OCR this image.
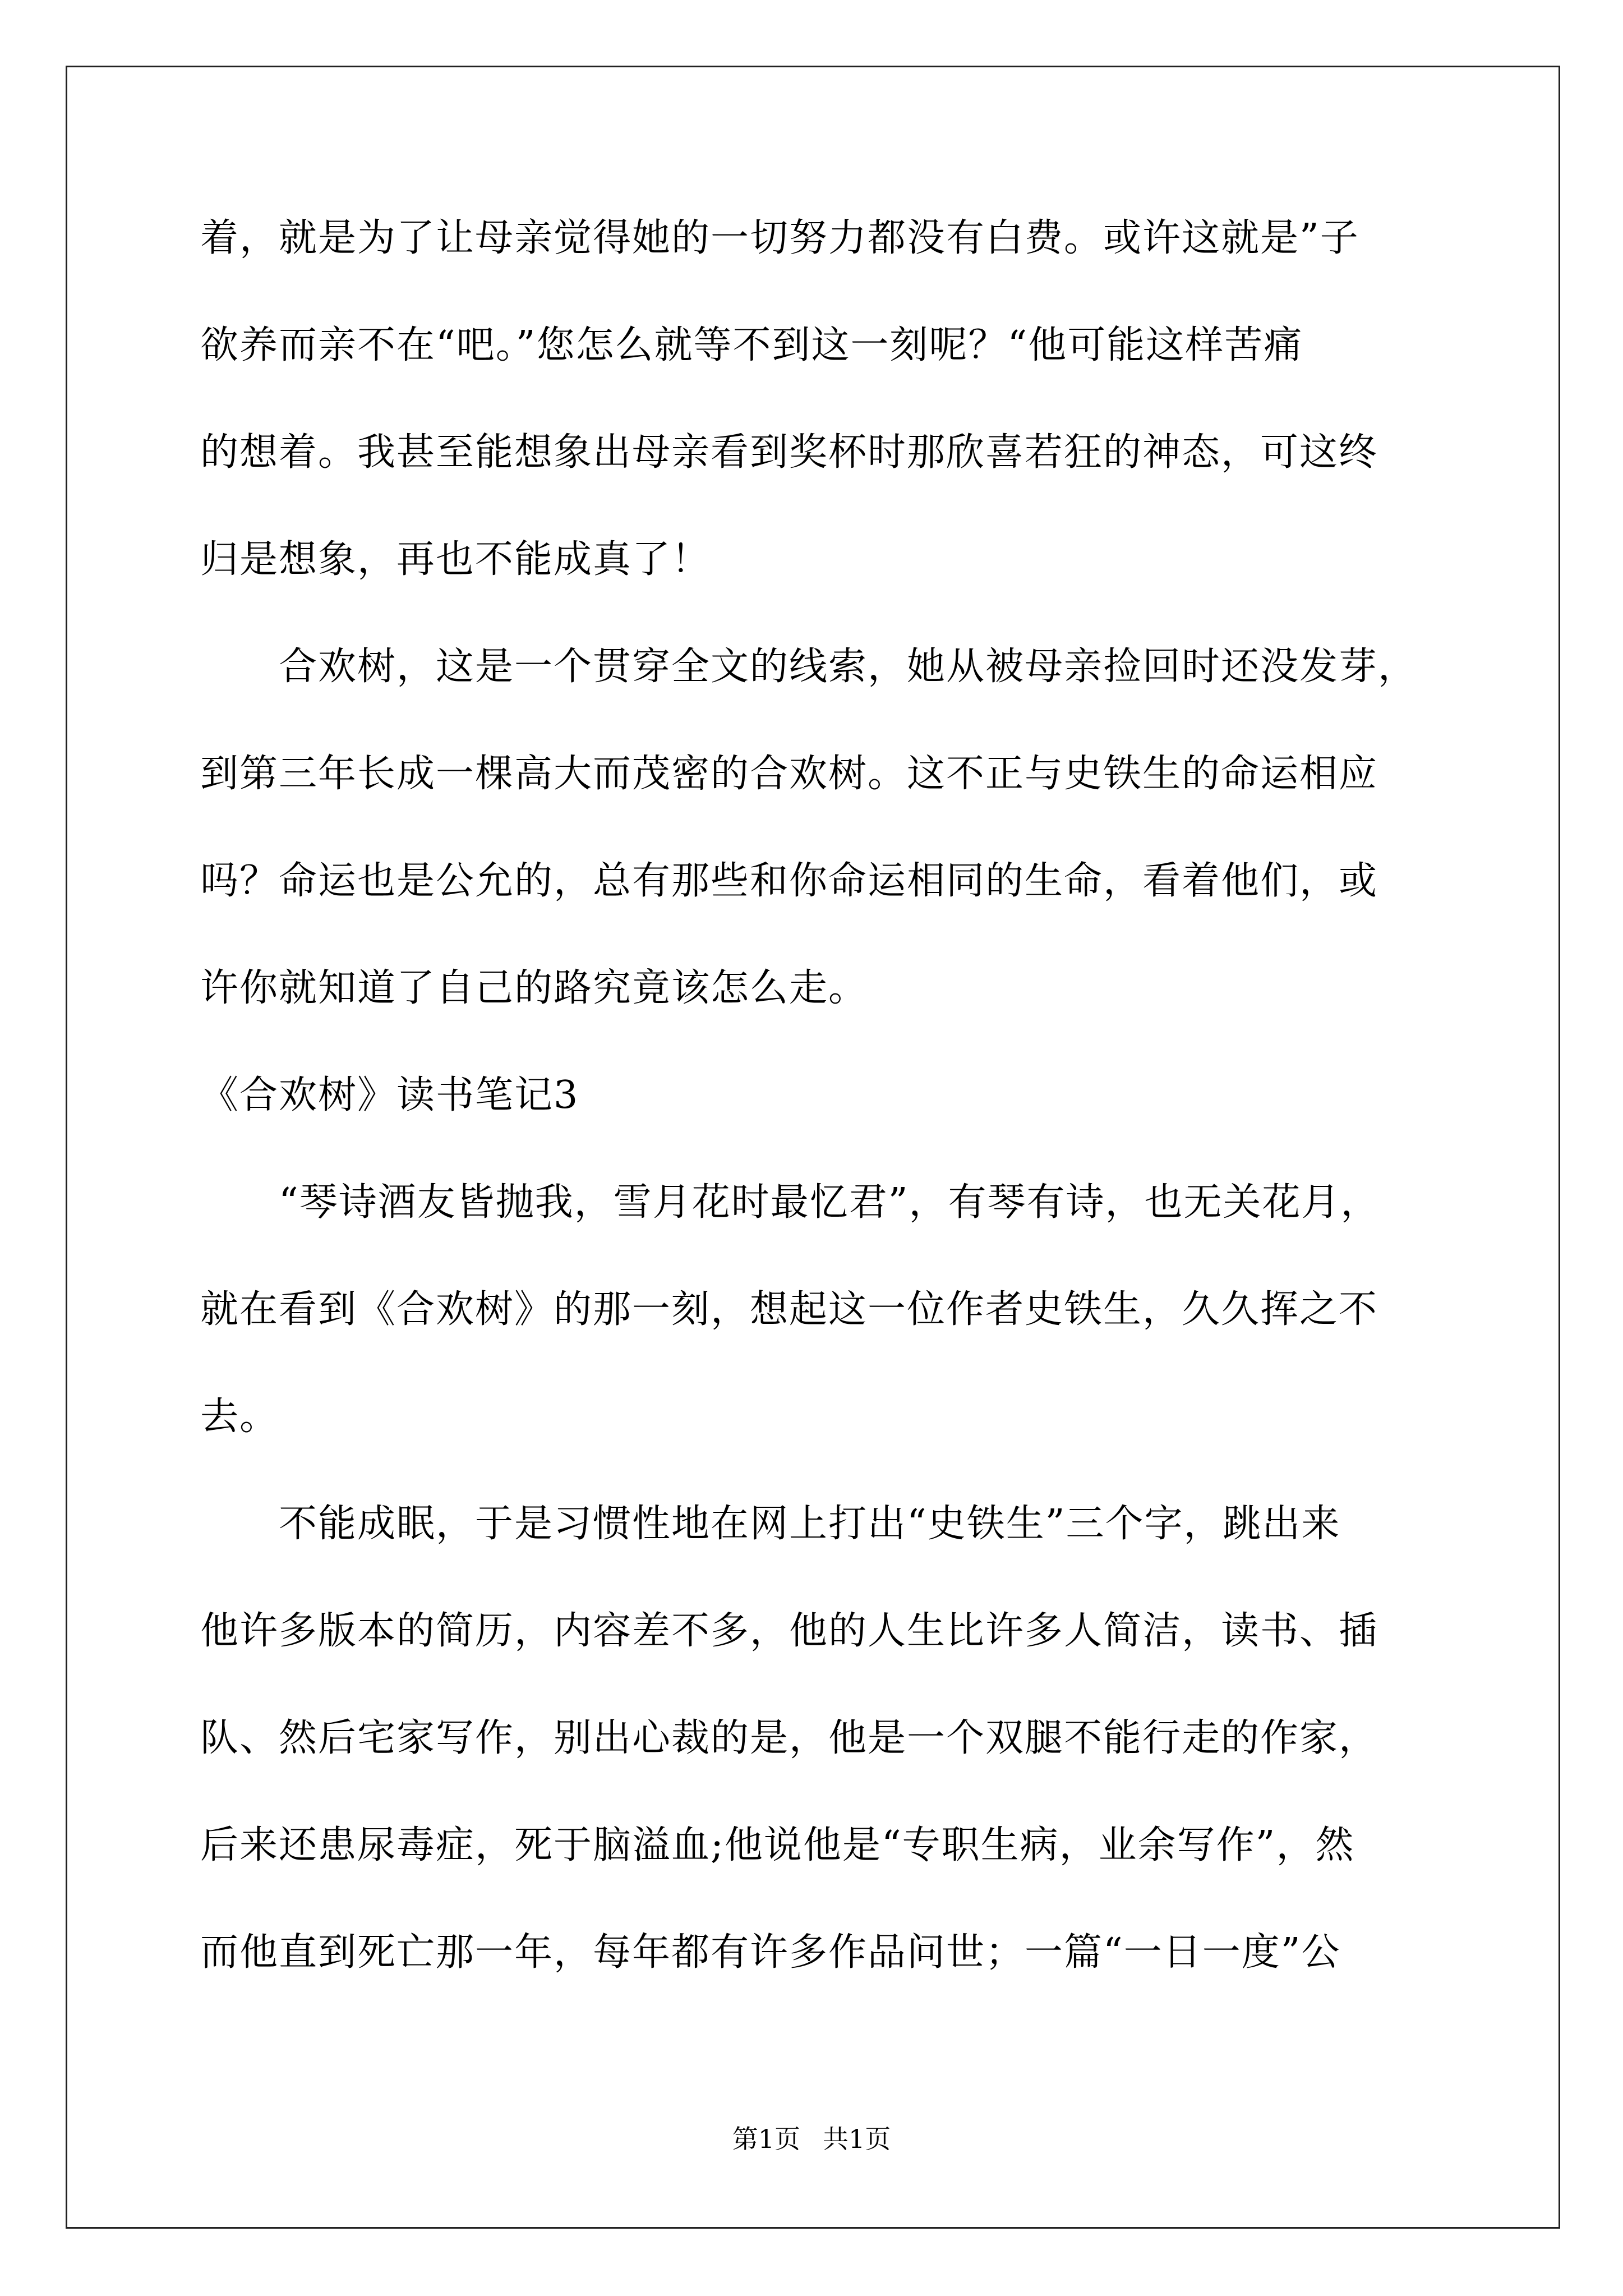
着，就是为了让母亲觉得她的一切努力都没有白费。或许这就是”子
欲养而亲不在“吧。”您怎么就等不到这一刻呢？“他可能这样苦痛
的想着。我甚至能想象出母亲看到奖杯时那欣喜若狂的神态，可这终
归是想象，再也不能成真了！
合欢树，这是一个贯穿全文的线索，她从被母亲捡回时还没发芽，
到第三年长成一棵高大而茂密的合欢树。这不正与史铁生的命运相应
吗？命运也是公允的，总有那些和你命运相同的生命，看着他们，或
许你就知道了自己的路究竟该怎么走。
《合欢树》读书笔记3
“琴诗酒友皆抛我，雪月花时最忆君”，有琴有诗，也无关花月，
就在看到《合欢树》的那一刻，想起这一位作者史铁生，久久挥之不
去。
不能成眠，于是习惯性地在网上打出“史铁生”三个字，跳出来
他许多版本的简历，内容差不多，他的人生比许多人简洁，读书、插
队、然后宅家写作，别出心裁的是，他是一个双腿不能行走的作家，
后来还患尿毒症，死于脑溢血;他说他是“专职生病，业余写作”，然
而他直到死亡那一年，每年都有许多作品问世；一篇“一日一度”公
第1页 共1页
